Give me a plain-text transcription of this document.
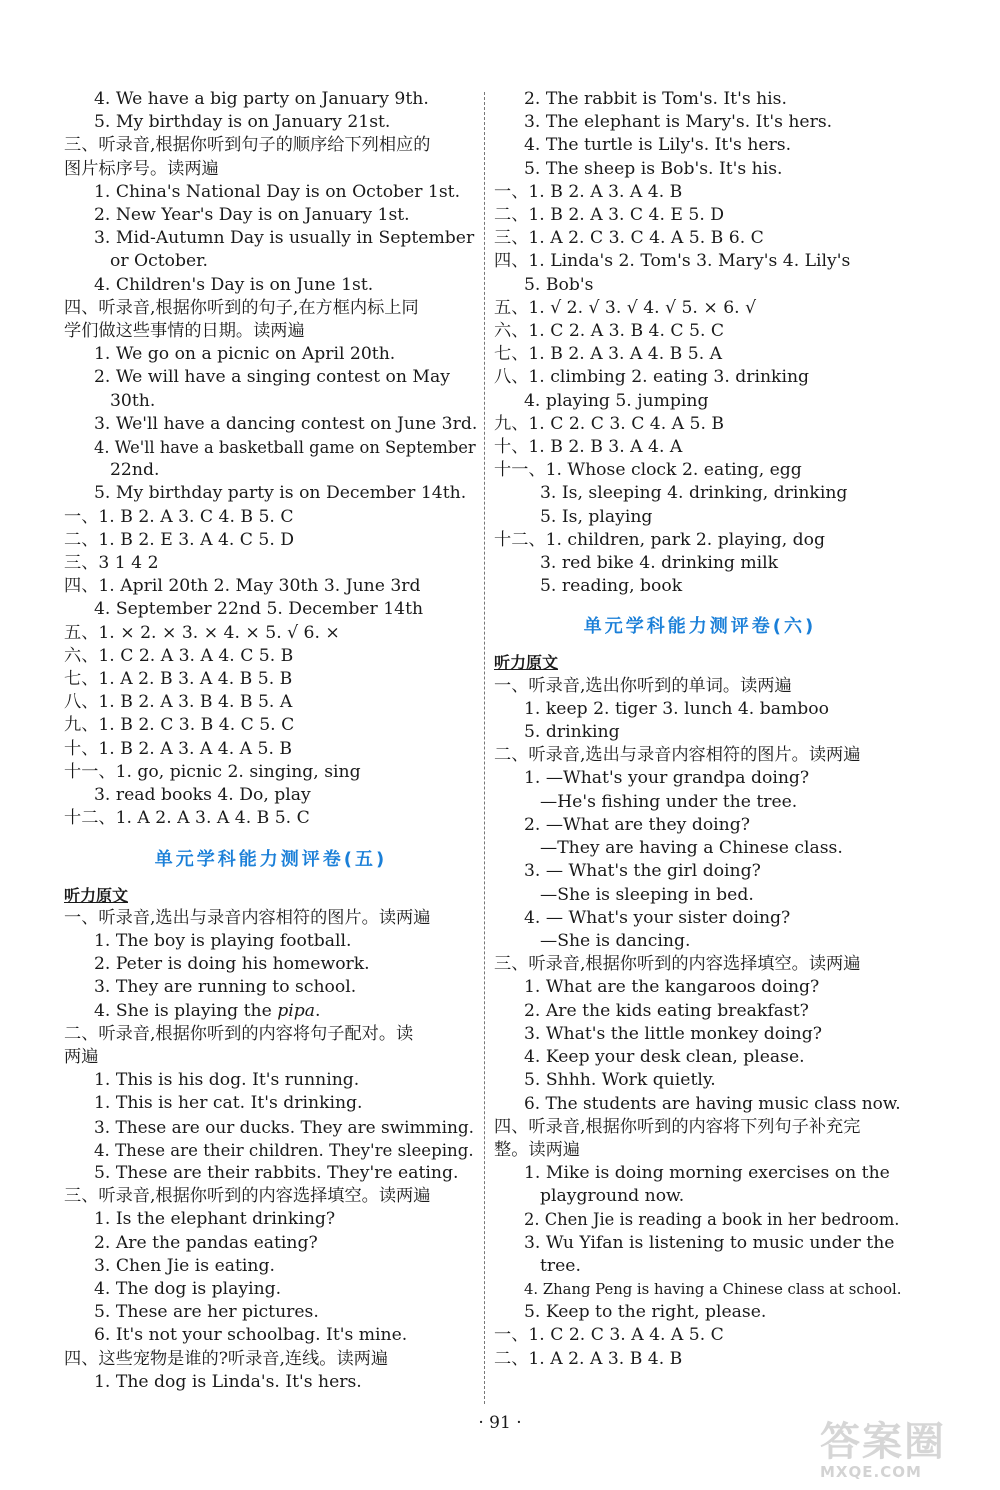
4. We have a big party on January 9th.
5. My birthday is on January 21st.
三、听录音,根据你听到句子的顺序给下列相应的
图片标序号。读两遍
1. China's National Day is on October 1st.
2. New Year's Day is on January 1st.
3. Mid-Autumn Day is usually in September
or October.
4. Children's Day is on June 1st.
四、听录音,根据你听到的句子,在方框内标上同
学们做这些事情的日期。读两遍
1. We go on a picnic on April 20th.
2. We will have a singing contest on May
30th.
3. We'll have a dancing contest on June 3rd.
4. We'll have a basketball game on September
22nd.
5. My birthday party is on December 14th.
一、1. B 2. A 3. C 4. B 5. C
二、1. B 2. E 3. A 4. C 5. D
三、3 1 4 2
四、1. April 20th 2. May 30th 3. June 3rd
4. September 22nd 5. December 14th
五、1. × 2. × 3. × 4. × 5. √ 6. ×
六、1. C 2. A 3. A 4. C 5. B
七、1. A 2. B 3. A 4. B 5. B
八、1. B 2. A 3. B 4. B 5. A
九、1. B 2. C 3. B 4. C 5. C
十、1. B 2. A 3. A 4. A 5. B
十一、1. go, picnic 2. singing, sing
3. read books 4. Do, play
十二、1. A 2. A 3. A 4. B 5. C
单元学科能力测评卷(五)
听力原文
一、听录音,选出与录音内容相符的图片。读两遍
1. The boy is playing football.
2. Peter is doing his homework.
3. They are running to school.
4. She is playing the pipa.
二、听录音,根据你听到的内容将句子配对。读
两遍
1. This is his dog. It's running.
1. This is her cat. It's drinking.
3. These are our ducks. They are swimming.
4. These are their children. They're sleeping.
5. These are their rabbits. They're eating.
三、听录音,根据你听到的内容选择填空。读两遍
1. Is the elephant drinking?
2. Are the pandas eating?
3. Chen Jie is eating.
4. The dog is playing.
5. These are her pictures.
6. It's not your schoolbag. It's mine.
四、这些宠物是谁的?听录音,连线。读两遍
1. The dog is Linda's. It's hers.
2. The rabbit is Tom's. It's his.
3. The elephant is Mary's. It's hers.
4. The turtle is Lily's. It's hers.
5. The sheep is Bob's. It's his.
一、1. B 2. A 3. A 4. B
二、1. B 2. A 3. C 4. E 5. D
三、1. A 2. C 3. C 4. A 5. B 6. C
四、1. Linda's 2. Tom's 3. Mary's 4. Lily's
5. Bob's
五、1. √ 2. √ 3. √ 4. √ 5. × 6. √
六、1. C 2. A 3. B 4. C 5. C
七、1. B 2. A 3. A 4. B 5. A
八、1. climbing 2. eating 3. drinking
4. playing 5. jumping
九、1. C 2. C 3. C 4. A 5. B
十、1. B 2. B 3. A 4. A
十一、1. Whose clock 2. eating, egg
3. Is, sleeping 4. drinking, drinking
5. Is, playing
十二、1. children, park 2. playing, dog
3. red bike 4. drinking milk
5. reading, book
单元学科能力测评卷(六)
听力原文
一、听录音,选出你听到的单词。读两遍
1. keep 2. tiger 3. lunch 4. bamboo
5. drinking
二、听录音,选出与录音内容相符的图片。读两遍
1. —What's your grandpa doing?
—He's fishing under the tree.
2. —What are they doing?
—They are having a Chinese class.
3. — What's the girl doing?
—She is sleeping in bed.
4. — What's your sister doing?
—She is dancing.
三、听录音,根据你听到的内容选择填空。读两遍
1. What are the kangaroos doing?
2. Are the kids eating breakfast?
3. What's the little monkey doing?
4. Keep your desk clean, please.
5. Shhh. Work quietly.
6. The students are having music class now.
四、听录音,根据你听到的内容将下列句子补充完
整。读两遍
1. Mike is doing morning exercises on the
playground now.
2. Chen Jie is reading a book in her bedroom.
3. Wu Yifan is listening to music under the
tree.
4. Zhang Peng is having a Chinese class at school.
5. Keep to the right, please.
一、1. C 2. C 3. A 4. A 5. C
二、1. A 2. A 3. B 4. B
· 91 ·	答案圈
MXQE.COM
